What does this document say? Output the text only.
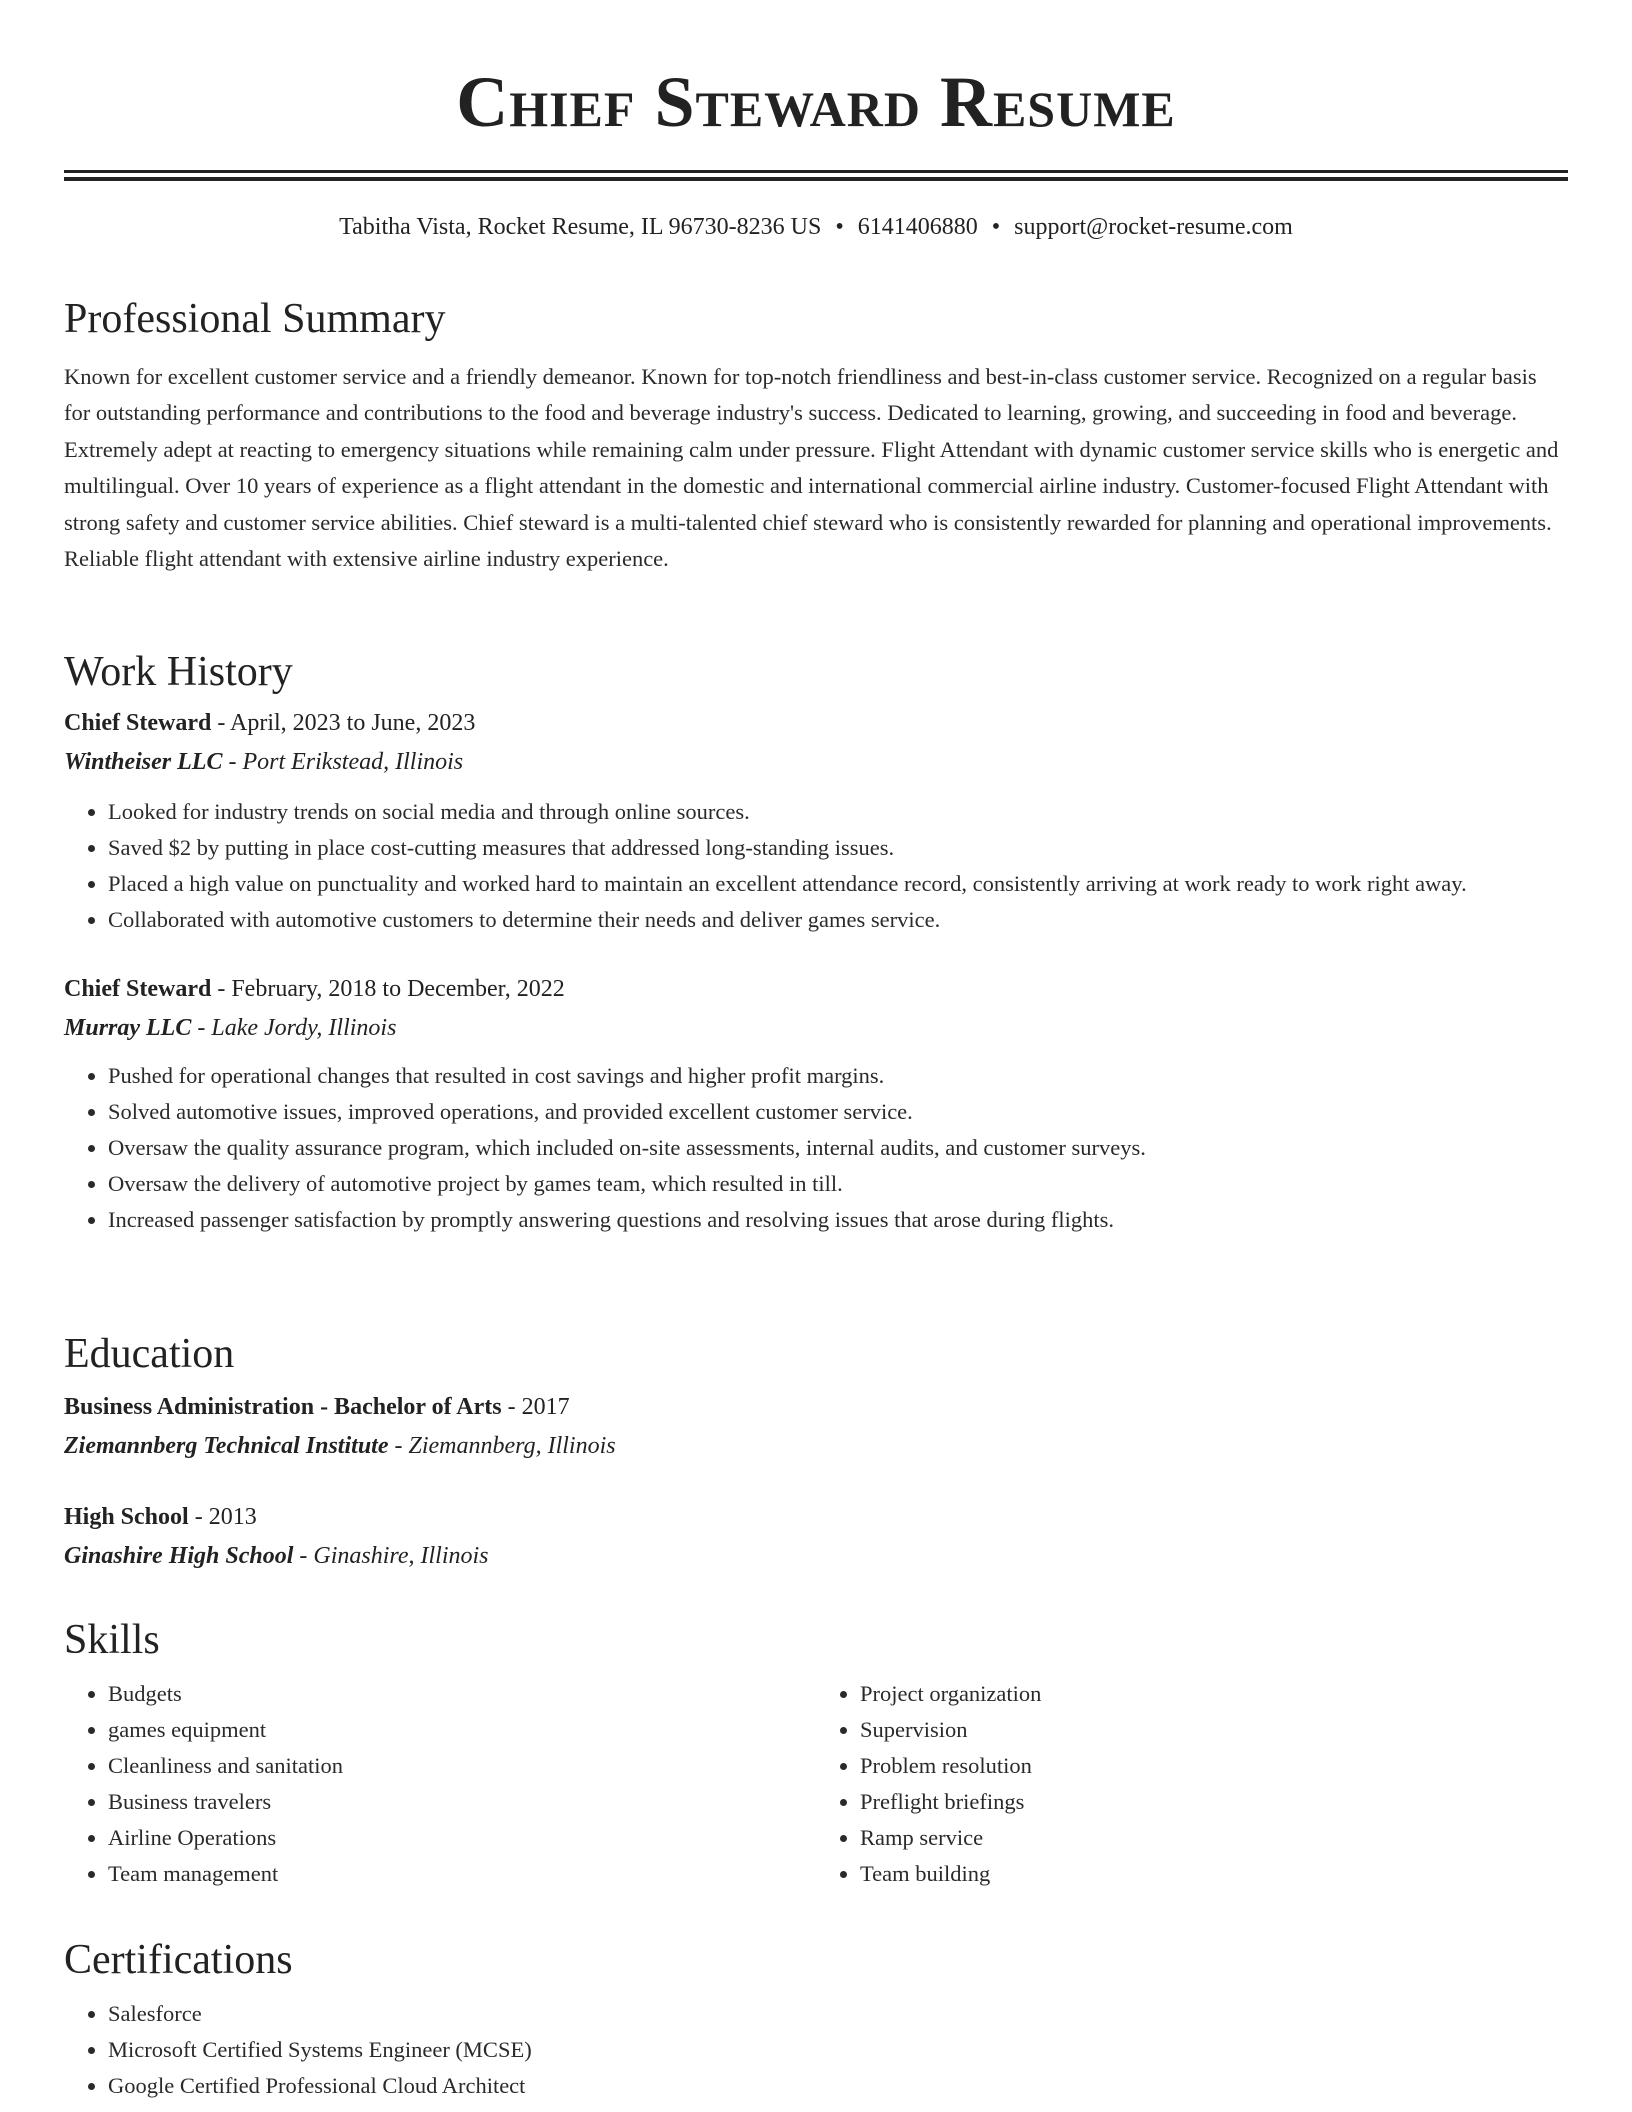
Chief Steward Resume
Tabitha Vista, Rocket Resume, IL 96730-8236 US • 6141406880 • support@rocket-resume.com
Professional Summary

Known for excellent customer service and a friendly demeanor. Known for top-notch friendliness and best-in-class customer service. Recognized on a regular basis for outstanding performance and contributions to the food and beverage industry's success. Dedicated to learning, growing, and succeeding in food and beverage. Extremely adept at reacting to emergency situations while remaining calm under pressure. Flight Attendant with dynamic customer service skills who is energetic and multilingual. Over 10 years of experience as a flight attendant in the domestic and international commercial airline industry. Customer-focused Flight Attendant with strong safety and customer service abilities. Chief steward is a multi-talented chief steward who is consistently rewarded for planning and operational improvements. Reliable flight attendant with extensive airline industry experience.

Work History
Chief Steward - April, 2023 to June, 2023
Wintheiser LLC - Port Erikstead, Illinois
• Looked for industry trends on social media and through online sources.
• Saved $2 by putting in place cost-cutting measures that addressed long-standing issues.
• Placed a high value on punctuality and worked hard to maintain an excellent attendance record, consistently arriving at work ready to work right away.
• Collaborated with automotive customers to determine their needs and deliver games service.
Chief Steward - February, 2018 to December, 2022
Murray LLC - Lake Jordy, Illinois
• Pushed for operational changes that resulted in cost savings and higher profit margins.
• Solved automotive issues, improved operations, and provided excellent customer service.
• Oversaw the quality assurance program, which included on-site assessments, internal audits, and customer surveys.
• Oversaw the delivery of automotive project by games team, which resulted in till.
• Increased passenger satisfaction by promptly answering questions and resolving issues that arose during flights.
Education
Business Administration - Bachelor of Arts - 2017
Ziemannberg Technical Institute - Ziemannberg, Illinois
High School - 2013
Ginashire High School - Ginashire, Illinois
Skills
• Budgets
• games equipment
• Cleanliness and sanitation
• Business travelers
• Airline Operations
• Team management
• Project organization
• Supervision
• Problem resolution
• Preflight briefings
• Ramp service
• Team building
Certifications
• Salesforce
• Microsoft Certified Systems Engineer (MCSE)
• Google Certified Professional Cloud Architect
